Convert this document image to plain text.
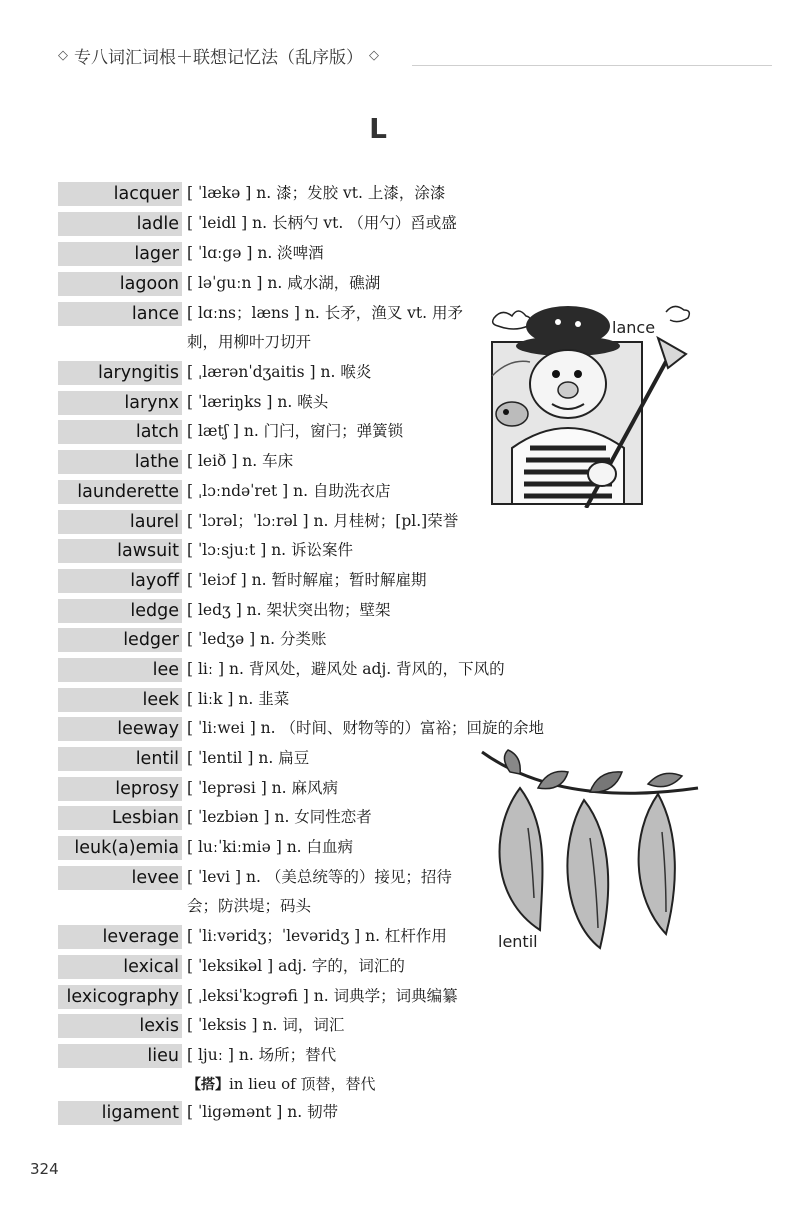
◇ 专八词汇词根＋联想记忆法（乱序版） ◇
L
lacquer [ ˈlækə ] n. 漆；发胶 vt. 上漆，涂漆
ladle [ ˈleidl ] n. 长柄勺 vt. （用勺）舀或盛
lager [ ˈlɑːgə ] n. 淡啤酒
lagoon [ ləˈguːn ] n. 咸水湖，礁湖
lance [ lɑːns；læns ] n. 长矛，渔叉 vt. 用矛
刺，用柳叶刀切开
laryngitis [ ˌlærənˈdʒaitis ] n. 喉炎
larynx [ ˈlæriŋks ] n. 喉头
latch [ lætʃ ] n. 门闩，窗闩；弹簧锁
lathe [ leið ] n. 车床
launderette [ ˌlɔːndəˈret ] n. 自助洗衣店
laurel [ ˈlɔrəl；ˈlɔːrəl ] n. 月桂树；[pl.]荣誉
lawsuit [ ˈlɔːsjuːt ] n. 诉讼案件
layoff [ ˈleiɔf ] n. 暂时解雇；暂时解雇期
ledge [ ledʒ ] n. 架状突出物；壁架
ledger [ ˈledʒə ] n. 分类账
lee [ liː ] n. 背风处，避风处 adj. 背风的，下风的
leek [ liːk ] n. 韭菜
leeway [ ˈliːwei ] n. （时间、财物等的）富裕；回旋的余地
lentil [ ˈlentil ] n. 扁豆
leprosy [ ˈleprəsi ] n. 麻风病
Lesbian [ ˈlezbiən ] n. 女同性恋者
leuk(a)emia [ luːˈkiːmiə ] n. 白血病
levee [ ˈlevi ] n. （美总统等的）接见；招待
会；防洪堤；码头
leverage [ ˈliːvəridʒ；ˈlevəridʒ ] n. 杠杆作用
lexical [ ˈleksikəl ] adj. 字的，词汇的
lexicography [ ˌleksiˈkɔgrəfi ] n. 词典学；词典编纂
lexis [ ˈleksis ] n. 词，词汇
lieu [ ljuː ] n. 场所；替代
【搭】in lieu of 顶替，替代
ligament [ ˈligəmənt ] n. 韧带
lance
lentil
324
